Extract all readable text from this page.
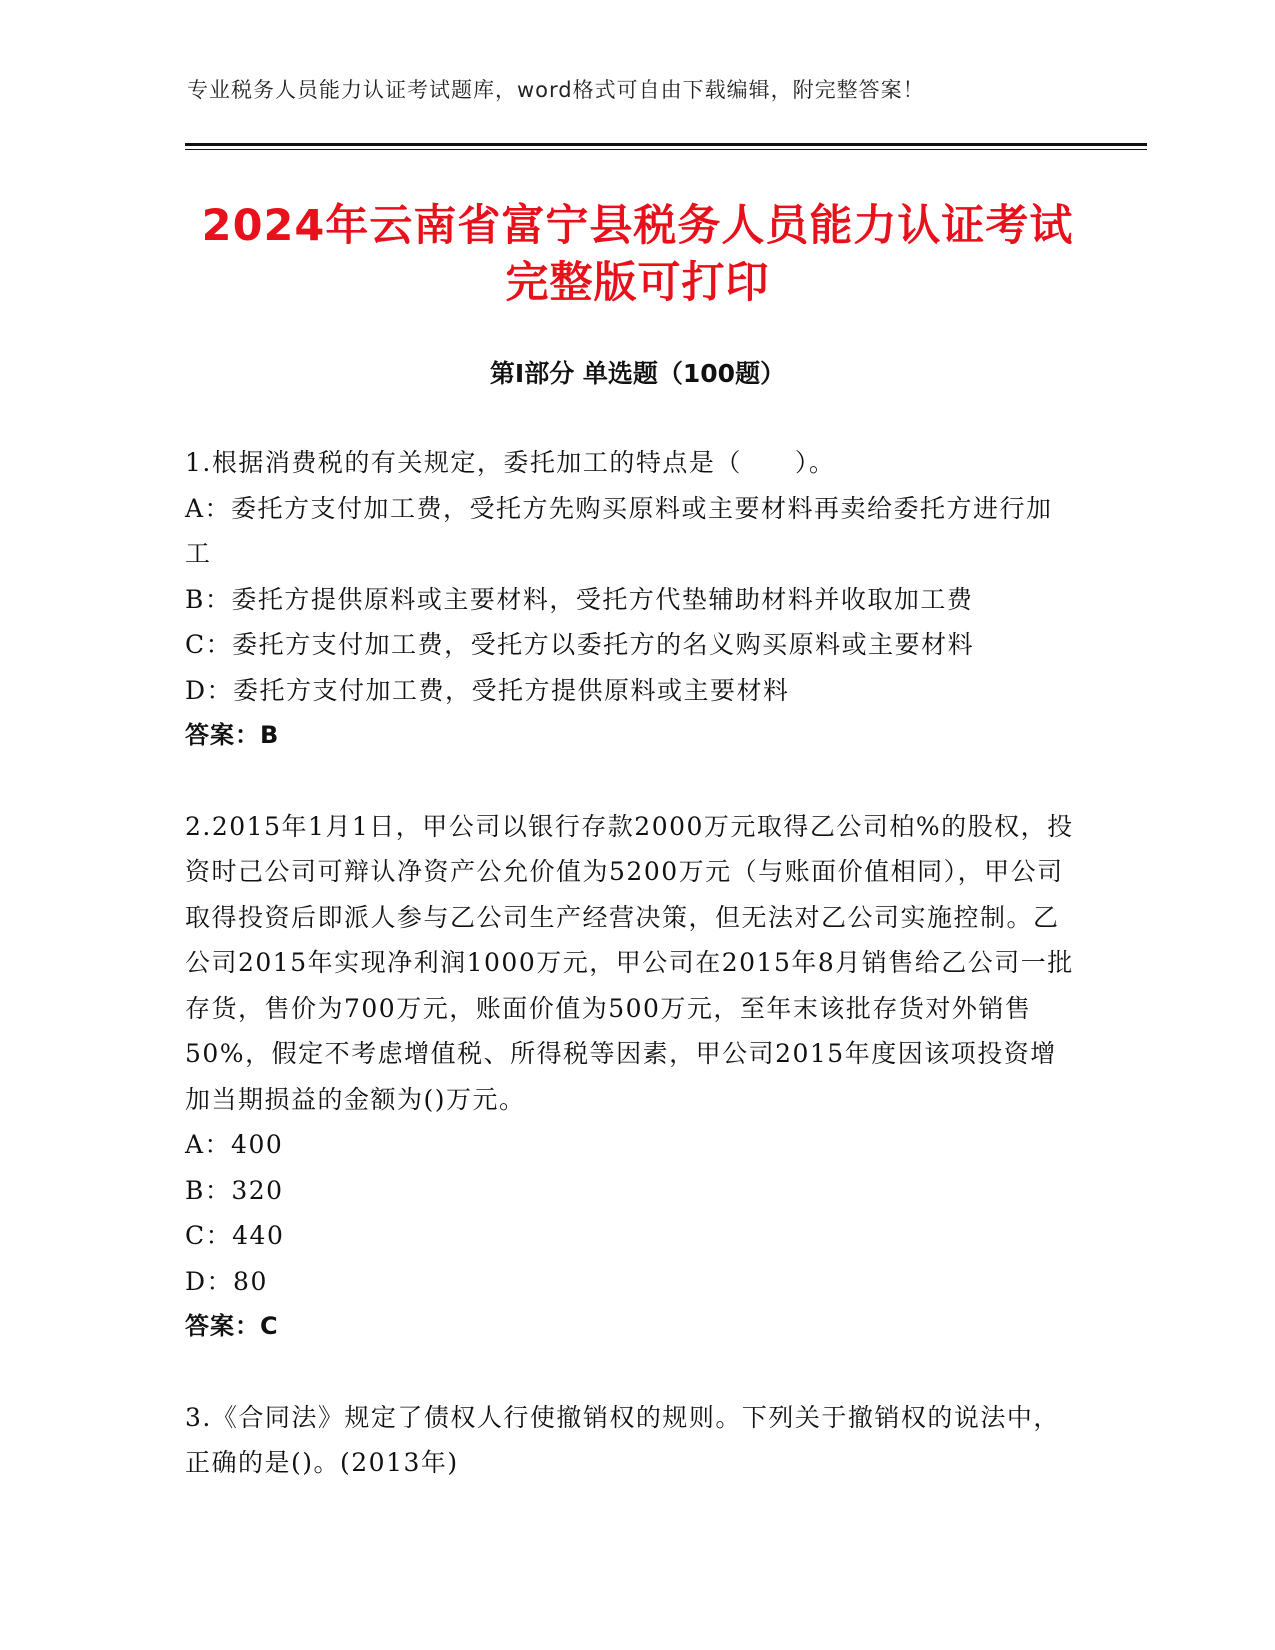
专业税务人员能力认证考试题库，word格式可自由下载编辑，附完整答案！
2024年云南省富宁县税务人员能力认证考试
完整版可打印
第Ⅰ部分 单选题（100题）

1.根据消费税的有关规定，委托加工的特点是（　　）。

A：委托方支付加工费，受托方先购买原料或主要材料再卖给委托方进行加工

B：委托方提供原料或主要材料，受托方代垫辅助材料并收取加工费

C：委托方支付加工费，受托方以委托方的名义购买原料或主要材料

D：委托方支付加工费，受托方提供原料或主要材料

答案：B

2.2015年1月1日，甲公司以银行存款2000万元取得乙公司柏%的股权，投资时己公司可辩认净资产公允价值为5200万元（与账面价值相同），甲公司取得投资后即派人参与乙公司生产经营决策，但无法对乙公司实施控制。乙公司2015年实现净利润1000万元，甲公司在2015年8月销售给乙公司一批存货，售价为700万元，账面价值为500万元，至年末该批存货对外销售50%，假定不考虑增值税、所得税等因素，甲公司2015年度因该项投资增加当期损益的金额为()万元。

A：400

B：320

C：440

D：80

答案：C

3.《合同法》规定了债权人行使撤销权的规则。下列关于撤销权的说法中，正确的是()。(2013年)
